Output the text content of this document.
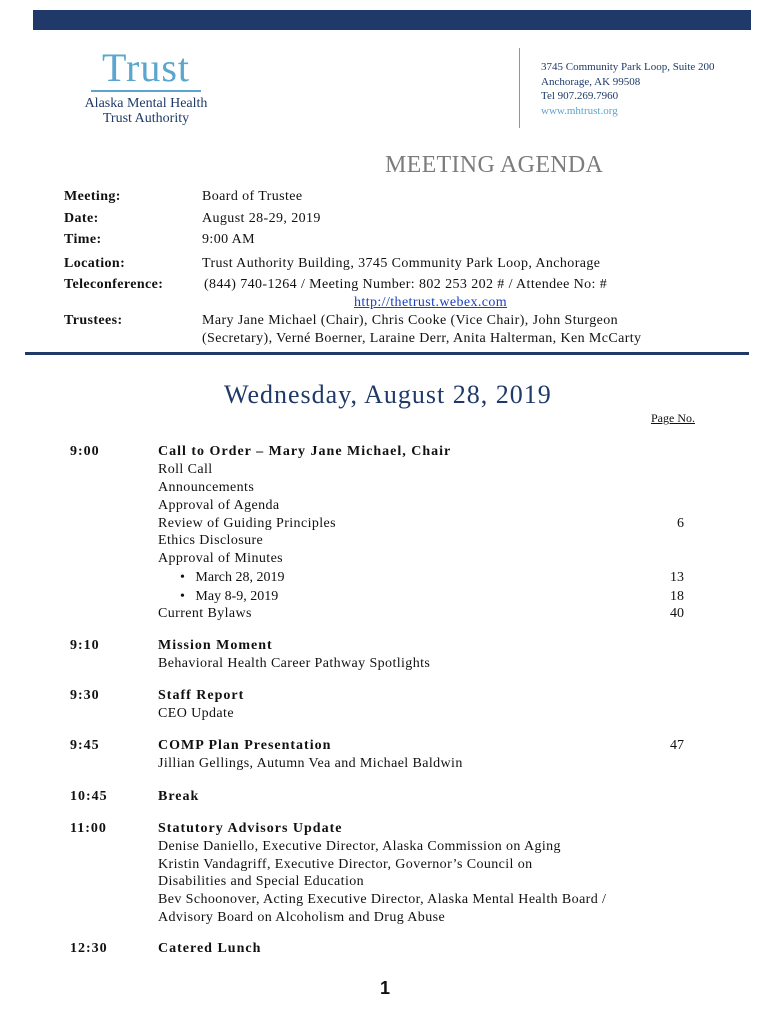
Trust
Alaska Mental Health
Trust Authority
3745 Community Park Loop, Suite 200
Anchorage, AK 99508
Tel 907.269.7960
www.mhtrust.org
MEETING AGENDA
Meeting:	Board of Trustee
Date:	August 28-29, 2019
Time:	9:00 AM
Location:	Trust Authority Building, 3745 Community Park Loop, Anchorage
Teleconference:	(844) 740-1264 / Meeting Number: 802 253 202 # / Attendee No: #
http://thetrust.webex.com
Trustees:	Mary Jane Michael (Chair), Chris Cooke (Vice Chair), John Sturgeon
(Secretary), Verné Boerner, Laraine Derr, Anita Halterman, Ken McCarty
Wednesday, August 28, 2019
Page No.
9:00	Call to Order – Mary Jane Michael, Chair
Roll Call
Announcements
Approval of Agenda
Review of Guiding Principles	6
Ethics Disclosure
Approval of Minutes
• March 28, 2019	13
• May 8-9, 2019	18
Current Bylaws	40
9:10	Mission Moment
Behavioral Health Career Pathway Spotlights
9:30	Staff Report
CEO Update
9:45	COMP Plan Presentation	47
Jillian Gellings, Autumn Vea and Michael Baldwin
10:45	Break
11:00	Statutory Advisors Update
Denise Daniello, Executive Director, Alaska Commission on Aging
Kristin Vandagriff, Executive Director, Governor’s Council on
Disabilities and Special Education
Bev Schoonover, Acting Executive Director, Alaska Mental Health Board /
Advisory Board on Alcoholism and Drug Abuse
12:30	Catered Lunch
1
